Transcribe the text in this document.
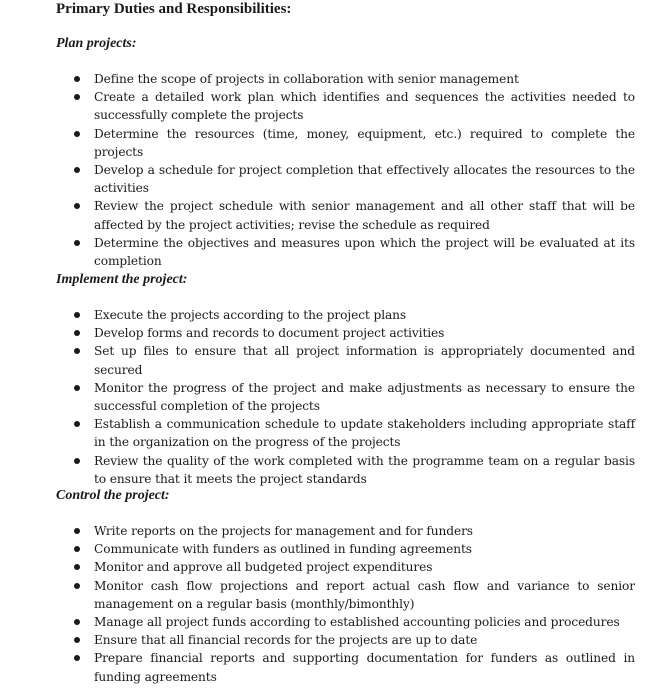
Primary Duties and Responsibilities:
Plan projects:
Define the scope of projects in collaboration with senior management
Create a detailed work plan which identifies and sequences the activities needed to successfully complete the projects
Determine the resources (time, money, equipment, etc.) required to complete the projects
Develop a schedule for project completion that effectively allocates the resources to the activities
Review the project schedule with senior management and all other staff that will be affected by the project activities; revise the schedule as required
Determine the objectives and measures upon which the project will be evaluated at its completion
Implement the project:
Execute the projects according to the project plans
Develop forms and records to document project activities
Set up files to ensure that all project information is appropriately documented and secured
Monitor the progress of the project and make adjustments as necessary to ensure the successful completion of the projects
Establish a communication schedule to update stakeholders including appropriate staff in the organization on the progress of the projects
Review the quality of the work completed with the programme team on a regular basis to ensure that it meets the project standards
Control the project:
Write reports on the projects for management and for funders
Communicate with funders as outlined in funding agreements
Monitor and approve all budgeted project expenditures
Monitor cash flow projections and report actual cash flow and variance to senior management on a regular basis (monthly/bimonthly)
Manage all project funds according to established accounting policies and procedures
Ensure that all financial records for the projects are up to date
Prepare financial reports and supporting documentation for funders as outlined in funding agreements
